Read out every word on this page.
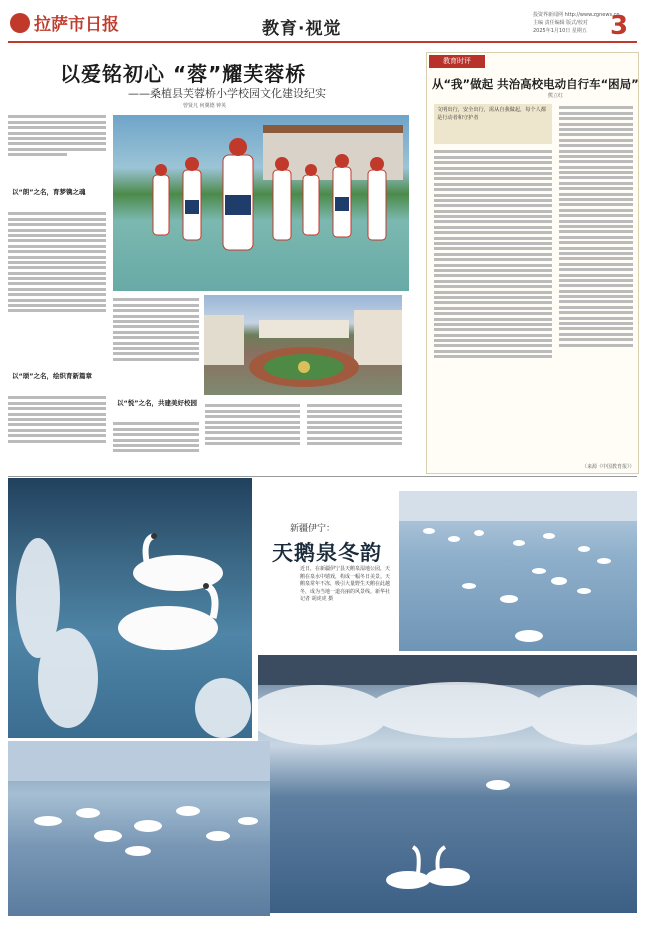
拉萨市日报	教育·视觉
投资界新闻网 http://www.zgnews.cn
主编 责任编辑 版式/校对
2025年1月10日 星期五 3
以爱铭初心 “蓉”耀芙蓉桥
——桑植县芙蓉桥小学校园文化建设纪实
曾贤凡 何翼德 钟英
以“朗”之名，育梦镌之魂
以“颂”之名，绘织育新篇章
以“悦”之名，共建美好校园
教育时评
从“我”做起 共治高校电动自行车“困局”
熊立红
文明出行，安全出行，需从自我做起，每个人都是行动者和守护者
（来源《中国教育报》）
新疆伊宁：
天鹅泉冬韵
近日，在新疆伊宁县天鹅泉湿地公园，天鹅在泉水中嬉戏，构成一幅冬日美景。天鹅泉常年不冻，吸引大量野生天鹅在此越冬，成为当地一道亮丽的风景线。新华社记者 胡虎虎 摄
